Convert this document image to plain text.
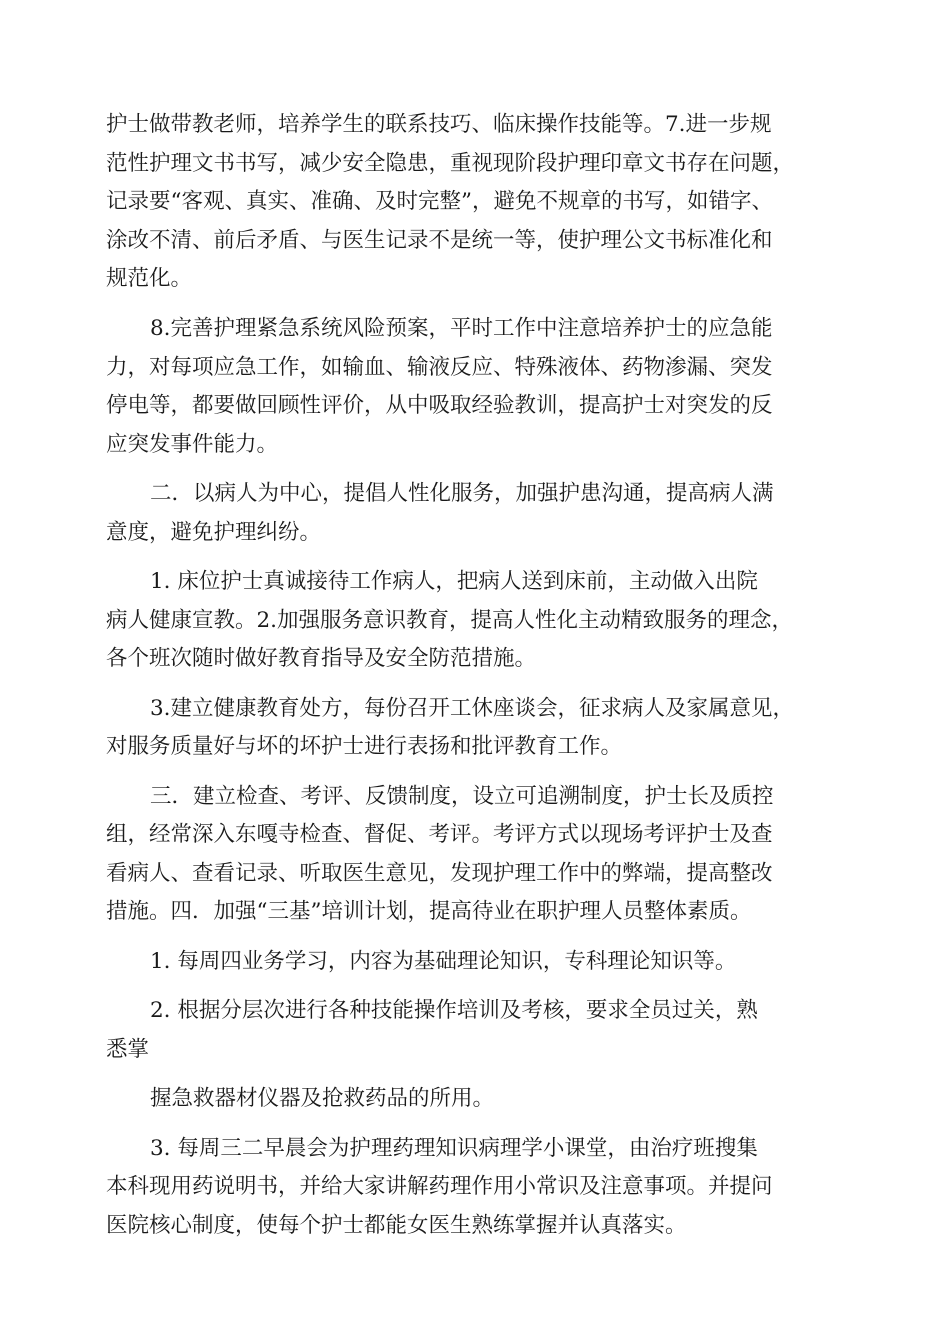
护士做带教老师，培养学生的联系技巧、临床操作技能等。7.进一步规
范性护理文书书写，减少安全隐患，重视现阶段护理印章文书存在问题，
记录要“客观、真实、准确、及时完整”，避免不规章的书写，如错字、
涂改不清、前后矛盾、与医生记录不是统一等，使护理公文书标准化和
规范化。
8.完善护理紧急系统风险预案，平时工作中注意培养护士的应急能
力，对每项应急工作，如输血、输液反应、特殊液体、药物渗漏、突发
停电等，都要做回顾性评价，从中吸取经验教训，提高护士对突发的反
应突发事件能力。
二．以病人为中心，提倡人性化服务，加强护患沟通，提高病人满
意度，避免护理纠纷。
1. 床位护士真诚接待工作病人，把病人送到床前，主动做入出院
病人健康宣教。2.加强服务意识教育，提高人性化主动精致服务的理念，
各个班次随时做好教育指导及安全防范措施。
3.建立健康教育处方，每份召开工休座谈会，征求病人及家属意见，
对服务质量好与坏的坏护士进行表扬和批评教育工作。
三．建立检查、考评、反馈制度，设立可追溯制度，护士长及质控
组，经常深入东嘎寺检查、督促、考评。考评方式以现场考评护士及查
看病人、查看记录、听取医生意见，发现护理工作中的弊端，提高整改
措施。四．加强“三基”培训计划，提高待业在职护理人员整体素质。
1. 每周四业务学习，内容为基础理论知识，专科理论知识等。
2. 根据分层次进行各种技能操作培训及考核，要求全员过关，熟
悉掌
握急救器材仪器及抢救药品的所用。
3. 每周三二早晨会为护理药理知识病理学小课堂，由治疗班搜集
本科现用药说明书，并给大家讲解药理作用小常识及注意事项。并提问
医院核心制度，使每个护士都能女医生熟练掌握并认真落实。
